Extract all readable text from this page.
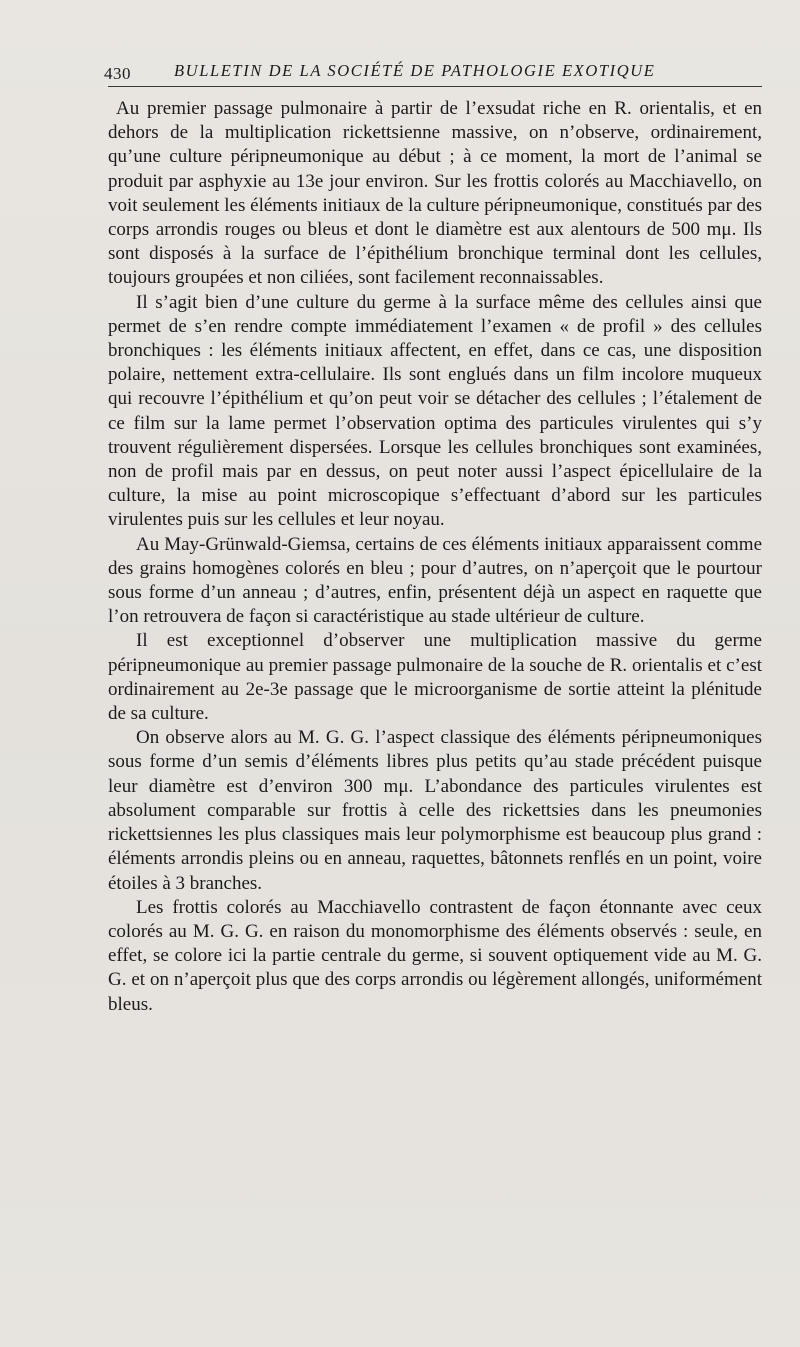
430	BULLETIN DE LA SOCIÉTÉ DE PATHOLOGIE EXOTIQUE

Au premier passage pulmonaire à partir de l’exsudat riche en R. orientalis, et en dehors de la multiplication rickettsienne massive, on n’observe, ordinairement, qu’une culture péripneumonique au début ; à ce moment, la mort de l’animal se produit par asphyxie au 13e jour environ. Sur les frottis colorés au Macchiavello, on voit seulement les éléments initiaux de la culture péripneumonique, constitués par des corps arrondis rouges ou bleus et dont le diamètre est aux alentours de 500 mμ. Ils sont disposés à la surface de l’épithélium bronchique terminal dont les cellules, toujours groupées et non ciliées, sont facilement reconnaissables.

Il s’agit bien d’une culture du germe à la surface même des cellules ainsi que permet de s’en rendre compte immédiatement l’examen « de profil » des cellules bronchiques : les éléments initiaux affectent, en effet, dans ce cas, une disposition polaire, nettement extra-cellulaire. Ils sont englués dans un film incolore muqueux qui recouvre l’épithélium et qu’on peut voir se détacher des cellules ; l’étalement de ce film sur la lame permet l’observation optima des particules virulentes qui s’y trouvent régulièrement dispersées. Lorsque les cellules bronchiques sont examinées, non de profil mais par en dessus, on peut noter aussi l’aspect épicellulaire de la culture, la mise au point microscopique s’effectuant d’abord sur les particules virulentes puis sur les cellules et leur noyau.

Au May-Grünwald-Giemsa, certains de ces éléments initiaux apparaissent comme des grains homogènes colorés en bleu ; pour d’autres, on n’aperçoit que le pourtour sous forme d’un anneau ; d’autres, enfin, présentent déjà un aspect en raquette que l’on retrouvera de façon si caractéristique au stade ultérieur de culture.

Il est exceptionnel d’observer une multiplication massive du germe péripneumonique au premier passage pulmonaire de la souche de R. orientalis et c’est ordinairement au 2e-3e passage que le microorganisme de sortie atteint la plénitude de sa culture.

On observe alors au M. G. G. l’aspect classique des éléments péripneumoniques sous forme d’un semis d’éléments libres plus petits qu’au stade précédent puisque leur diamètre est d’environ 300 mμ. L’abondance des particules virulentes est absolument comparable sur frottis à celle des rickettsies dans les pneumonies rickettsiennes les plus classiques mais leur polymorphisme est beaucoup plus grand : éléments arrondis pleins ou en anneau, raquettes, bâtonnets renflés en un point, voire étoiles à 3 branches.

Les frottis colorés au Macchiavello contrastent de façon étonnante avec ceux colorés au M. G. G. en raison du monomorphisme des éléments observés : seule, en effet, se colore ici la partie centrale du germe, si souvent optiquement vide au M. G. G. et on n’aperçoit plus que des corps arrondis ou légèrement allongés, uniformément bleus.
